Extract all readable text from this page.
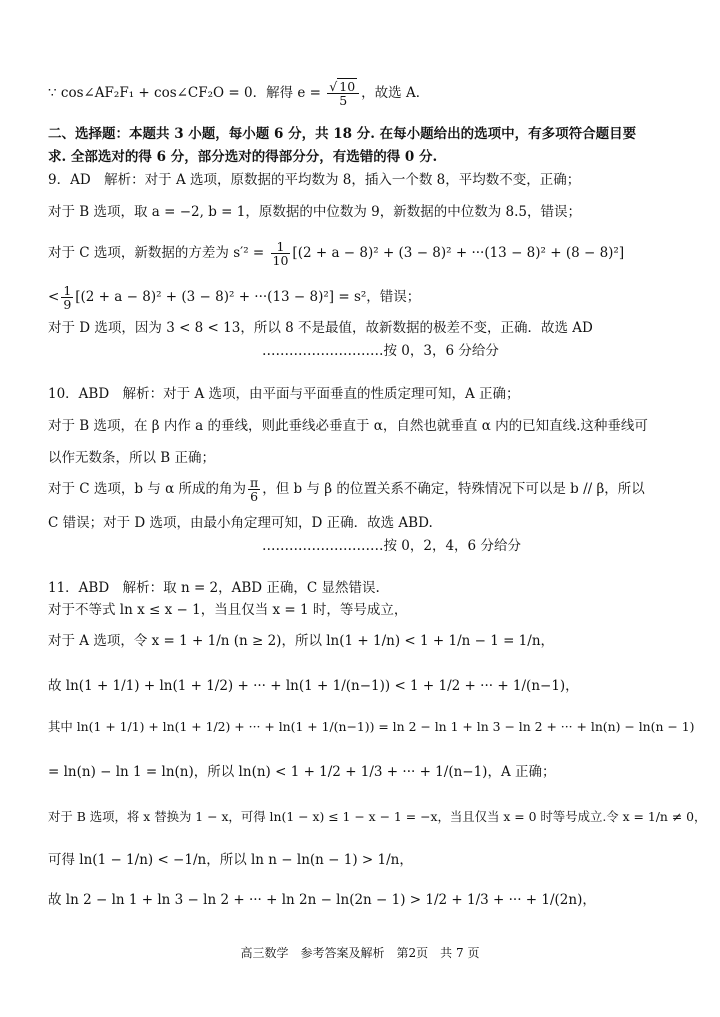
∵ cos∠AF₂F₁ + cos∠CF₂O = 0．解得 $e = \frac{√ 10}{5}$ ，故选 A．
二、选择题：本题共 3 小题，每小题 6 分，共 18 分. 在每小题给出的选项中，有多项符合题目要
求. 全部选对的得 6 分，部分选对的得部分分，有选错的得 0 分.
9．AD　解析：对于 A 选项，原数据的平均数为 8，插入一个数 8，平均数不变，正确；
对于 B 选项，取 a = −2, b = 1，原数据的中位数为 9，新数据的中位数为 8.5，错误；
对于 C 选项，新数据的方差为 $s'^2 = \frac{1}{10} [(2 + a - 8)^2 + (3 - 8)^2 + \cdot\cdot\cdot(13 - 8)^2 + (8 - 8)^2]$
< $\frac{1}{9} [(2 + a - 8)^2 + (3 - 8)^2 + \cdot\cdot\cdot(13 - 8)^2] = s^2$，错误；
对于 D 选项，因为 3 < 8 < 13，所以 8 不是最值，故新数据的极差不变，正确．故选 AD
………………………按 0，3，6 分给分
10．ABD　解析：对于 A 选项，由平面与平面垂直的性质定理可知，A 正确；
对于 B 选项，在 β 内作 a 的垂线，则此垂线必垂直于 α，自然也就垂直 α 内的已知直线.这种垂线可
以作无数条，所以 B 正确；
对于 C 选项，b 与 α 所成的角为 $\frac{\pi}{6}$ ，但 b 与 β 的位置关系不确定，特殊情况下可以是 b // β，所以
C 错误；对于 D 选项，由最小角定理可知，D 正确．故选 ABD.
………………………按 0，2，4，6 分给分
11．ABD　解析：取 n = 2，ABD 正确，C 显然错误.
对于不等式 ln x ≤ x − 1，当且仅当 x = 1 时，等号成立，
对于 A 选项，令 x = 1 + 1/n (n ≥ 2)，所以 ln(1 + 1/n) < 1 + 1/n − 1 = 1/n，
故 ln(1 + 1/1) + ln(1 + 1/2) + ··· + ln(1 + 1/(n−1)) < 1 + 1/2 + ··· + 1/(n−1)，
其中 ln(1 + 1/1) + ln(1 + 1/2) + ··· + ln(1 + 1/(n−1)) = ln 2 − ln 1 + ln 3 − ln 2 + ··· + ln(n) − ln(n − 1)
= ln(n) − ln 1 = ln(n)，所以 ln(n) < 1 + 1/2 + 1/3 + ··· + 1/(n−1)，A 正确；
对于 B 选项，将 x 替换为 1 − x，可得 ln(1 − x) ≤ 1 − x − 1 = −x，当且仅当 x = 0 时等号成立.令 x = 1/n ≠ 0，
可得 ln(1 − 1/n) < −1/n，所以 ln n − ln(n − 1) > 1/n，
故 ln 2 − ln 1 + ln 3 − ln 2 + ··· + ln 2n − ln(2n − 1) > 1/2 + 1/3 + ··· + 1/(2n)，
高三数学　参考答案及解析　第2页　共 7 页
